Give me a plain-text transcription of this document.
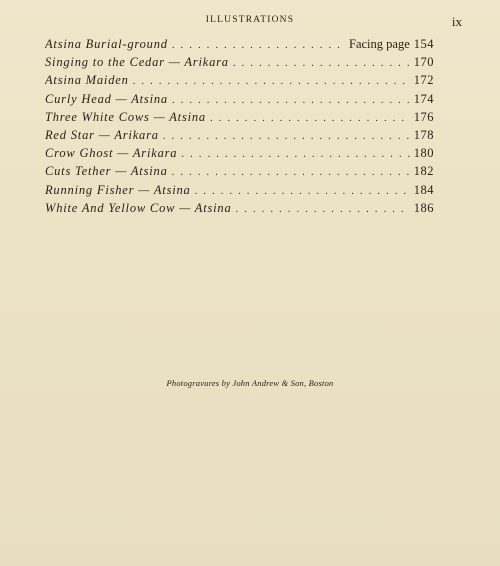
ILLUSTRATIONS	ix
Atsina Burial-ground . . .	Facing page 154
Singing to the Cedar — Arikara . . .	170
Atsina Maiden . . .	172
Curly Head — Atsina . . .	174
Three White Cows — Atsina . . .	176
Red Star — Arikara . . .	178
Crow Ghost — Arikara . . .	180
Cuts Tether — Atsina . . .	182
Running Fisher — Atsina . . .	184
White And Yellow Cow — Atsina . . .	186
Photogravures by John Andrew & Son, Boston
